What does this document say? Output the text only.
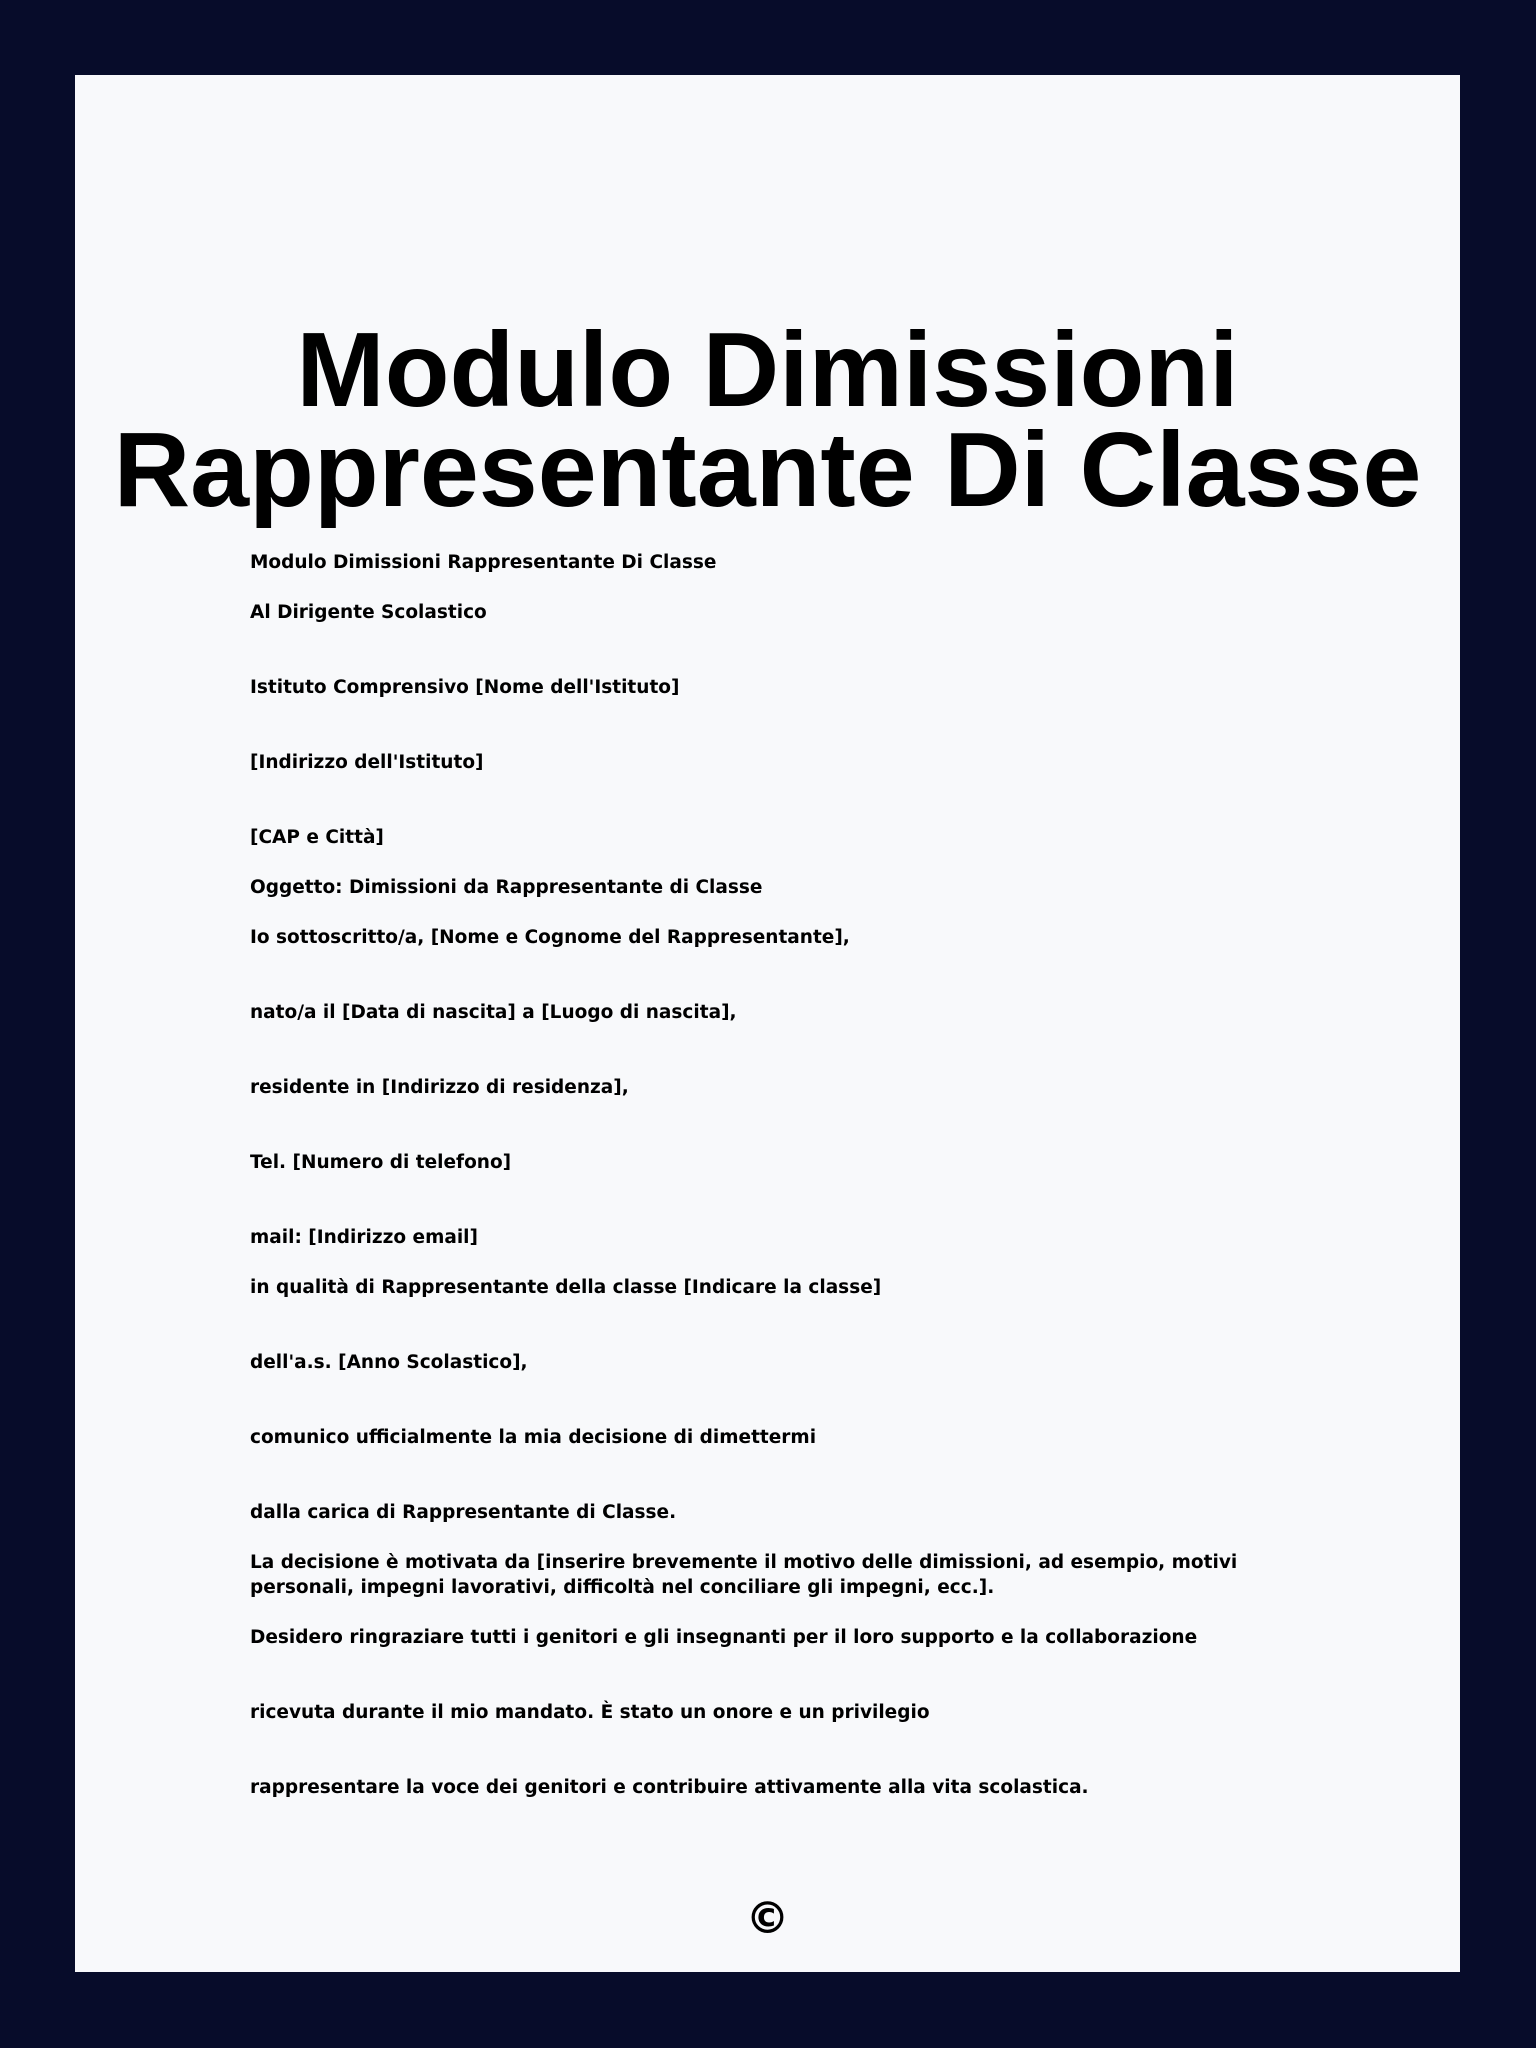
Modulo Dimissioni
Rappresentante Di Classe

Modulo Dimissioni Rappresentante Di Classe

Al Dirigente Scolastico

Istituto Comprensivo [Nome dell'Istituto]

[Indirizzo dell'Istituto]

[CAP e Città]

Oggetto: Dimissioni da Rappresentante di Classe

Io sottoscritto/a, [Nome e Cognome del Rappresentante],

nato/a il [Data di nascita] a [Luogo di nascita],

residente in [Indirizzo di residenza],

Tel. [Numero di telefono]

mail: [Indirizzo email]

in qualità di Rappresentante della classe [Indicare la classe]

dell'a.s. [Anno Scolastico],

comunico ufficialmente la mia decisione di dimettermi

dalla carica di Rappresentante di Classe.

La decisione è motivata da [inserire brevemente il motivo delle dimissioni, ad esempio, motivi personali, impegni lavorativi, difficoltà nel conciliare gli impegni, ecc.].

Desidero ringraziare tutti i genitori e gli insegnanti per il loro supporto e la collaborazione

ricevuta durante il mio mandato. È stato un onore e un privilegio

rappresentare la voce dei genitori e contribuire attivamente alla vita scolastica.

©
